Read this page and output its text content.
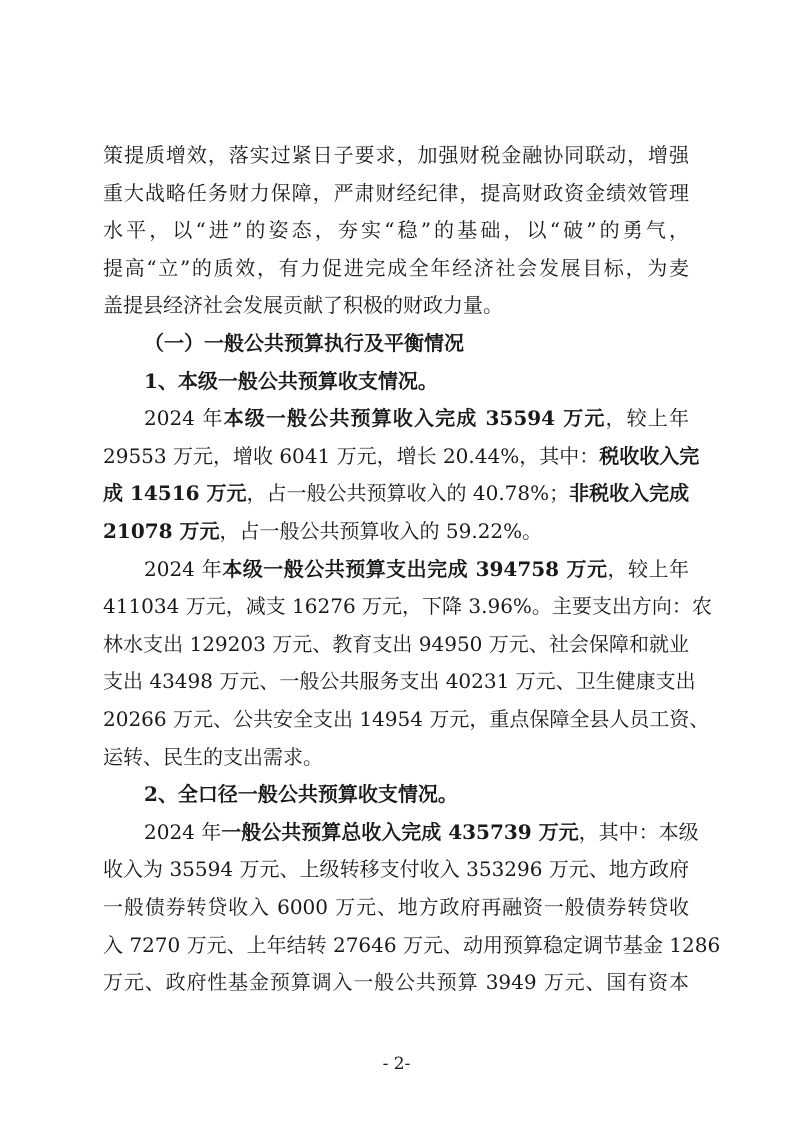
策提质增效，落实过紧日子要求，加强财税金融协同联动，增强
重大战略任务财力保障，严肃财经纪律，提高财政资金绩效管理
水平，以“进”的姿态，夯实“稳”的基础，以“破”的勇气，
提高“立”的质效，有力促进完成全年经济社会发展目标，为麦
盖提县经济社会发展贡献了积极的财政力量。
（一）一般公共预算执行及平衡情况
1、本级一般公共预算收支情况。
2024 年本级一般公共预算收入完成 35594 万元，较上年
29553 万元，增收 6041 万元，增长 20.44%，其中：税收收入完
成 14516 万元，占一般公共预算收入的 40.78%；非税收入完成
21078 万元，占一般公共预算收入的 59.22%。
2024 年本级一般公共预算支出完成 394758 万元，较上年
411034 万元，减支 16276 万元，下降 3.96%。主要支出方向：农
林水支出 129203 万元、教育支出 94950 万元、社会保障和就业
支出 43498 万元、一般公共服务支出 40231 万元、卫生健康支出
20266 万元、公共安全支出 14954 万元，重点保障全县人员工资、
运转、民生的支出需求。
2、全口径一般公共预算收支情况。
2024 年一般公共预算总收入完成 435739 万元，其中：本级
收入为 35594 万元、上级转移支付收入 353296 万元、地方政府
一般债券转贷收入 6000 万元、地方政府再融资一般债券转贷收
入 7270 万元、上年结转 27646 万元、动用预算稳定调节基金 1286
万元、政府性基金预算调入一般公共预算 3949 万元、国有资本
- 2-
